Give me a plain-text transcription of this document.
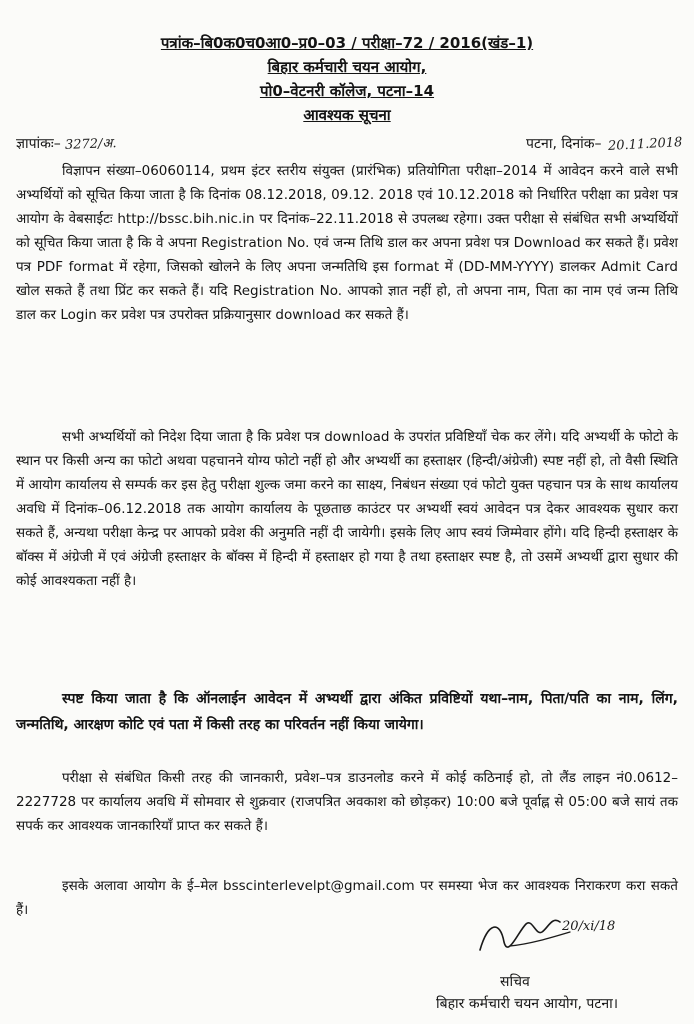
पत्रांक–बि0क0च0आ0–प्र0–03 / परीक्षा–72 / 2016(खंड–1)
बिहार कर्मचारी चयन आयोग,
पो0–वेटनरी कॉलेज, पटना–14
आवश्यक सूचना
ज्ञापांकः– 3272/अ.	पटना, दिनांक– 20.11.2018

विज्ञापन संख्या–06060114, प्रथम इंटर स्तरीय संयुक्त (प्रारंभिक) प्रतियोगिता परीक्षा–2014 में आवेदन करने वाले सभी अभ्यर्थियों को सूचित किया जाता है कि दिनांक 08.12.2018, 09.12. 2018 एवं 10.12.2018 को निर्धारित परीक्षा का प्रवेश पत्र आयोग के वेबसाईटः http://bssc.bih.nic.in पर दिनांक–22.11.2018 से उपलब्ध रहेगा। उक्त परीक्षा से संबंधित सभी अभ्यर्थियों को सूचित किया जाता है कि वे अपना Registration No. एवं जन्म तिथि डाल कर अपना प्रवेश पत्र Download कर सकते हैं। प्रवेश पत्र PDF format में रहेगा, जिसको खोलने के लिए अपना जन्मतिथि इस format में (DD-MM-YYYY) डालकर Admit Card खोल सकते हैं तथा प्रिंट कर सकते हैं। यदि Registration No. आपको ज्ञात नहीं हो, तो अपना नाम, पिता का नाम एवं जन्म तिथि डाल कर Login कर प्रवेश पत्र उपरोक्त प्रक्रियानुसार download कर सकते हैं।

सभी अभ्यर्थियों को निदेश दिया जाता है कि प्रवेश पत्र download के उपरांत प्रविष्टियाँ चेक कर लेंगे। यदि अभ्यर्थी के फोटो के स्थान पर किसी अन्य का फोटो अथवा पहचानने योग्य फोटो नहीं हो और अभ्यर्थी का हस्ताक्षर (हिन्दी/अंग्रेजी) स्पष्ट नहीं हो, तो वैसी स्थिति में आयोग कार्यालय से सम्पर्क कर इस हेतु परीक्षा शुल्क जमा करने का साक्ष्य, निबंधन संख्या एवं फोटो युक्त पहचान पत्र के साथ कार्यालय अवधि में दिनांक–06.12.2018 तक आयोग कार्यालय के पूछताछ काउंटर पर अभ्यर्थी स्वयं आवेदन पत्र देकर आवश्यक सुधार करा सकते हैं, अन्यथा परीक्षा केन्द्र पर आपको प्रवेश की अनुमति नहीं दी जायेगी। इसके लिए आप स्वयं जिम्मेवार होंगे। यदि हिन्दी हस्ताक्षर के बॉक्स में अंग्रेजी में एवं अंग्रेजी हस्ताक्षर के बॉक्स में हिन्दी में हस्ताक्षर हो गया है तथा हस्ताक्षर स्पष्ट है, तो उसमें अभ्यर्थी द्वारा सुधार की कोई आवश्यकता नहीं है।

स्पष्ट किया जाता है कि ऑनलाईन आवेदन में अभ्यर्थी द्वारा अंकित प्रविष्टियों यथा–नाम, पिता/पति का नाम, लिंग, जन्मतिथि, आरक्षण कोटि एवं पता में किसी तरह का परिवर्तन नहीं किया जायेगा।

परीक्षा से संबंधित किसी तरह की जानकारी, प्रवेश–पत्र डाउनलोड करने में कोई कठिनाई हो, तो लैंड लाइन नं0.0612–2227728 पर कार्यालय अवधि में सोमवार से शुक्रवार (राजपत्रित अवकाश को छोड़कर) 10:00 बजे पूर्वाह्न से 05:00 बजे सायं तक सपर्क कर आवश्यक जानकारियाँ प्राप्त कर सकते हैं।

इसके अलावा आयोग के ई–मेल bsscinterlevelpt@gmail.com पर समस्या भेज कर आवश्यक निराकरण करा सकते हैं।

20/xi/18
सचिव
बिहार कर्मचारी चयन आयोग, पटना।
